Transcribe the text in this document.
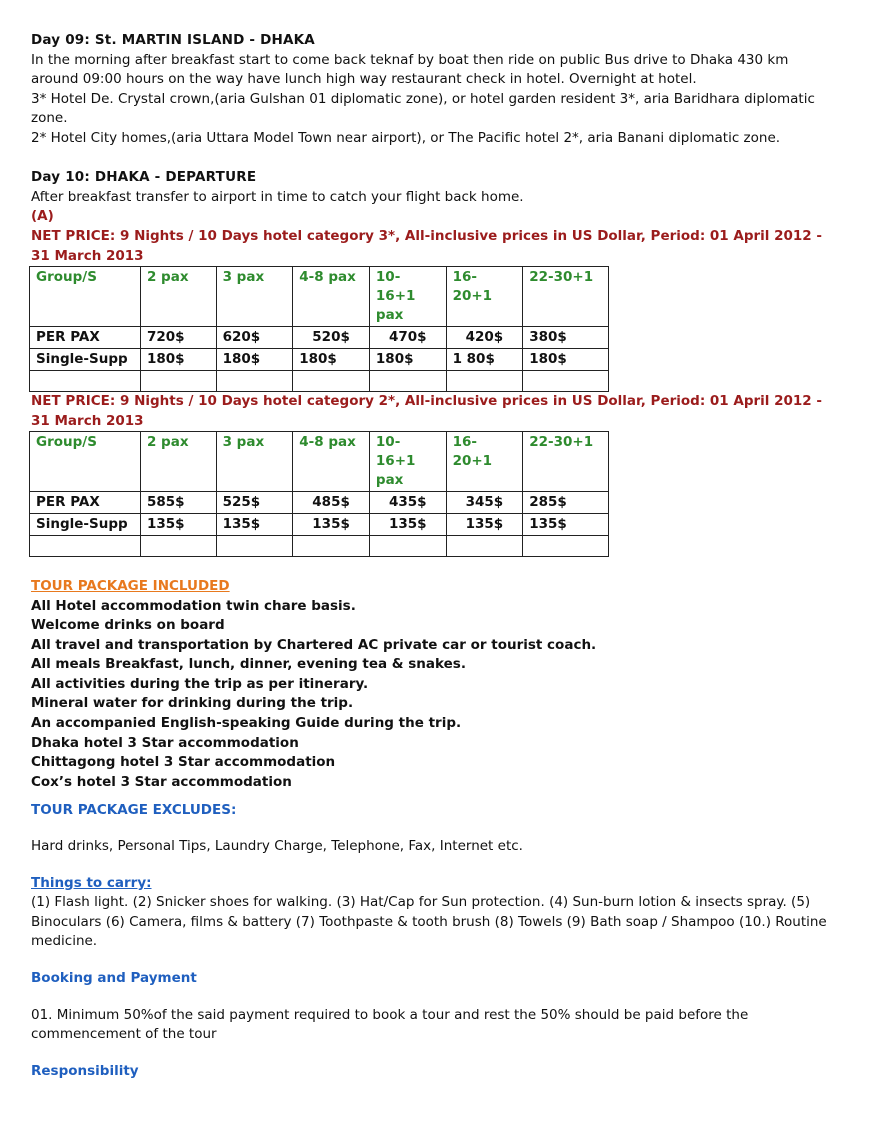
Day 09: St. MARTIN ISLAND - DHAKA

In the morning after breakfast start to come back teknaf by boat then ride on public Bus drive to Dhaka 430 km around 09:00 hours on the way have lunch high way restaurant check in hotel. Overnight at hotel.

3* Hotel De. Crystal crown,(aria Gulshan 01 diplomatic zone), or hotel garden resident 3*, aria Baridhara diplomatic zone.

2* Hotel City homes,(aria Uttara Model Town near airport), or The Pacific hotel 2*, aria Banani diplomatic zone.

Day 10: DHAKA - DEPARTURE

After breakfast transfer to airport in time to catch your flight back home.

(A)

NET PRICE: 9 Nights / 10 Days hotel category 3*, All-inclusive prices in US Dollar, Period: 01 April 2012 - 31 March 2013

Group/S	2 pax	3 pax	4-8 pax	10-16+1 pax	16-20+1	22-30+1
PER PAX	720$	620$	520$	470$	420$	380$
Single-Supp	180$	180$	180$	180$	1 80$	180$

NET PRICE: 9 Nights / 10 Days hotel category 2*, All-inclusive prices in US Dollar, Period: 01 April 2012 - 31 March 2013

Group/S	2 pax	3 pax	4-8 pax	10-16+1 pax	16-20+1	22-30+1
PER PAX	585$	525$	485$	435$	345$	285$
Single-Supp	135$	135$	135$	135$	135$	135$

TOUR PACKAGE INCLUDED

All Hotel accommodation twin chare basis.

Welcome drinks on board

All travel and transportation by Chartered AC private car or tourist coach.

All meals Breakfast, lunch, dinner, evening tea & snakes.

All activities during the trip as per itinerary.

Mineral water for drinking during the trip.

An accompanied English-speaking Guide during the trip.

Dhaka hotel 3 Star accommodation

Chittagong hotel 3 Star accommodation

Cox’s hotel 3 Star accommodation

TOUR PACKAGE EXCLUDES:

Hard drinks, Personal Tips, Laundry Charge, Telephone, Fax, Internet etc.

Things to carry:

(1) Flash light. (2) Snicker shoes for walking. (3) Hat/Cap for Sun protection. (4) Sun-burn lotion & insects spray. (5) Binoculars (6) Camera, films & battery (7) Toothpaste & tooth brush (8) Towels (9) Bath soap / Shampoo (10.) Routine medicine.

Booking and Payment

01. Minimum 50%of the said payment required to book a tour and rest the 50% should be paid before the commencement of the tour

Responsibility
